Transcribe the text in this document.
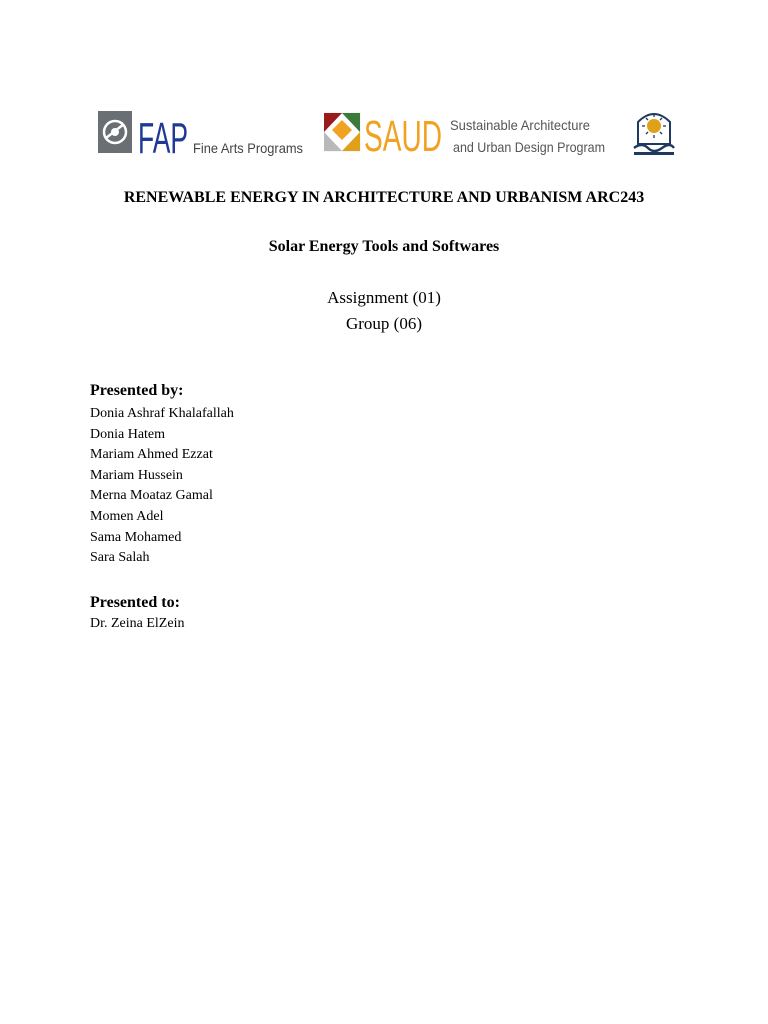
FAP Fine Arts Programs SAUD Sustainable Architecture
and Urban Design Program
RENEWABLE ENERGY IN ARCHITECTURE AND URBANISM ARC243
Solar Energy Tools and Softwares
Assignment (01)
Group (06)
Presented by:
Donia Ashraf Khalafallah
Donia Hatem
Mariam Ahmed Ezzat
Mariam Hussein
Merna Moataz Gamal
Momen Adel
Sama Mohamed
Sara Salah
Presented to:
Dr. Zeina ElZein
